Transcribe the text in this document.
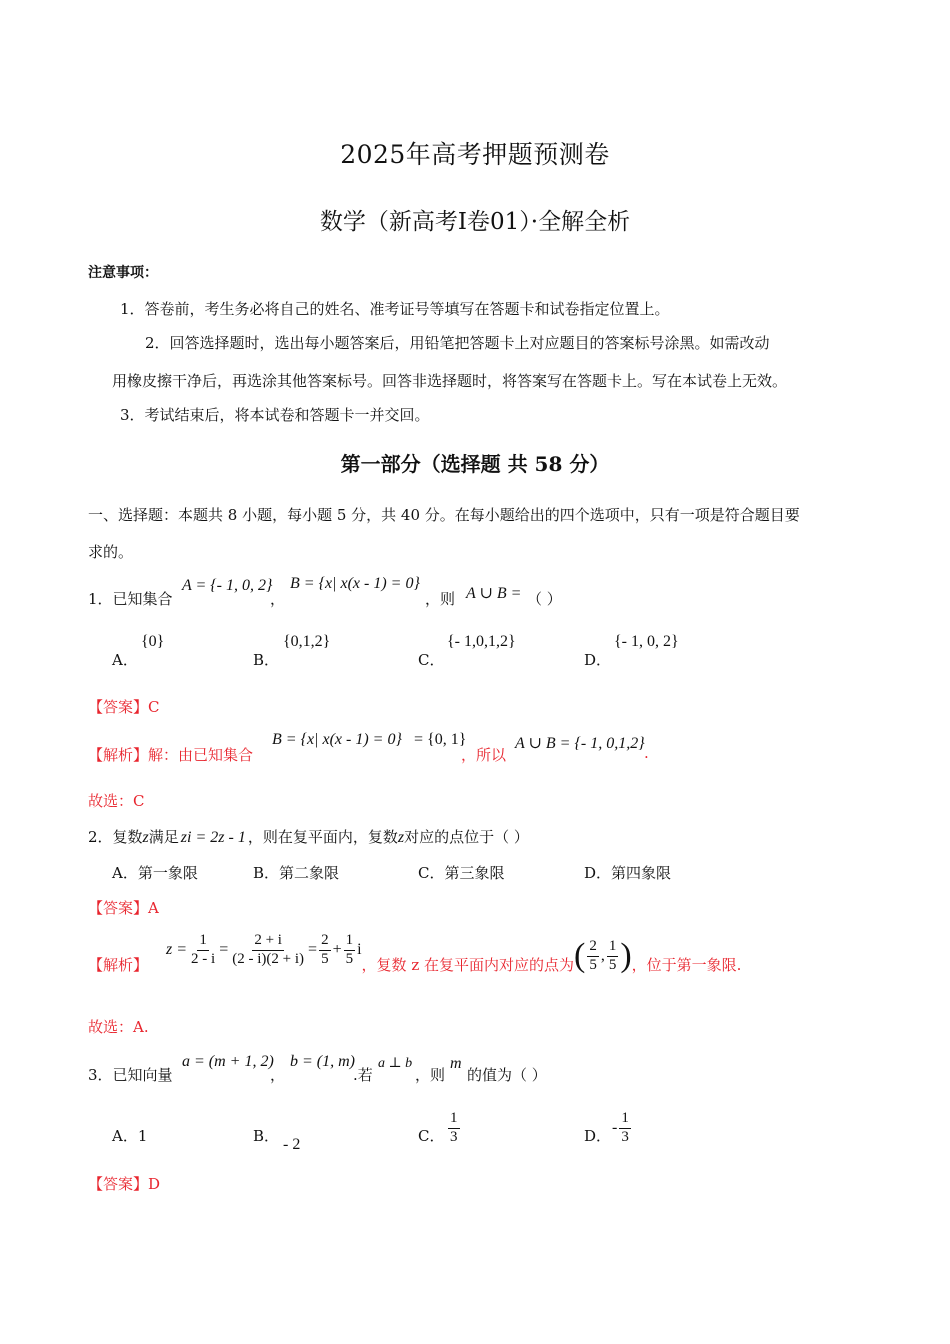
2025年高考押题预测卷
数学（新高考Ⅰ卷01）·全解全析
注意事项：
1．答卷前，考生务必将自己的姓名、准考证号等填写在答题卡和试卷指定位置上。
2．回答选择题时，选出每小题答案后，用铅笔把答题卡上对应题目的答案标号涂黑。如需改动
用橡皮擦干净后，再选涂其他答案标号。回答非选择题时，将答案写在答题卡上。写在本试卷上无效。
3．考试结束后，将本试卷和答题卡一并交回。
第一部分（选择题 共 58 分）
一、选择题：本题共 8 小题，每小题 5 分，共 40 分。在每小题给出的四个选项中，只有一项是符合题目要
求的。
1．已知集合
A = {- 1, 0, 2}
，
B = {x| x(x - 1) = 0}
，则 A ∪ B = （ ）
A．
{0}
B．
{0,1,2}
C．
{- 1,0,1,2}
D．
{- 1, 0, 2}
【答案】C
【解析】解：由已知集合
B = {x| x(x - 1) = 0} = {0, 1}
，所以
A ∪ B = {- 1, 0,1,2}
.
故选：C
2．复数z满足 zi = 2z - 1 ，则在复平面内，复数z对应的点位于（ ）
A．第一象限	B．第二象限	C．第三象限	D．第四象限
【答案】A
【解析】
$z = \frac{1}{2 - i} = \frac{2 + i}{(2 - i)(2 + i)} = \frac{2}{5} + \frac{1}{5}$ i
，复数 z 在复平面内对应的点为 ( $\frac{2}{5}$ , $\frac{1}{5}$ ) ，位于第一象限.
故选：A.
3．已知向量
a = (m + 1, 2)
，
b = (1, m)
.若
a ⊥ b
，则
m
的值为（ ）
A．1	B． - 2	C． $\frac{1}{3}$	D． - $\frac{1}{3}$
【答案】D
